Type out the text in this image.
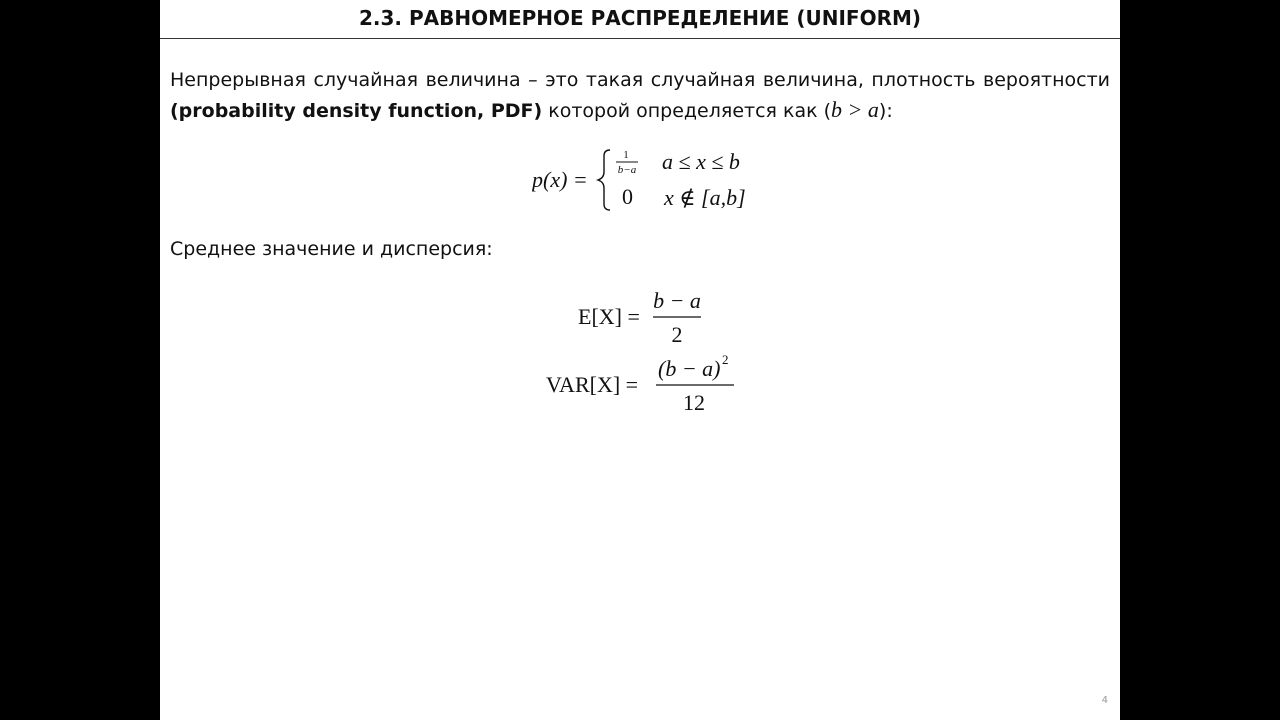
2.3. РАВНОМЕРНОЕ РАСПРЕДЕЛЕНИЕ (UNIFORM)
Непрерывная случайная величина – это такая случайная величина, плотность вероятности
(probability density function, PDF) которой определяется как (b > a):
p(x) =
1
b−a a ≤ x ≤ b
0 x ∉ [a,b]
Среднее значение и дисперсия:
E[X] =
b − a
2
VAR[X] =
(b − a) 2
12
4
